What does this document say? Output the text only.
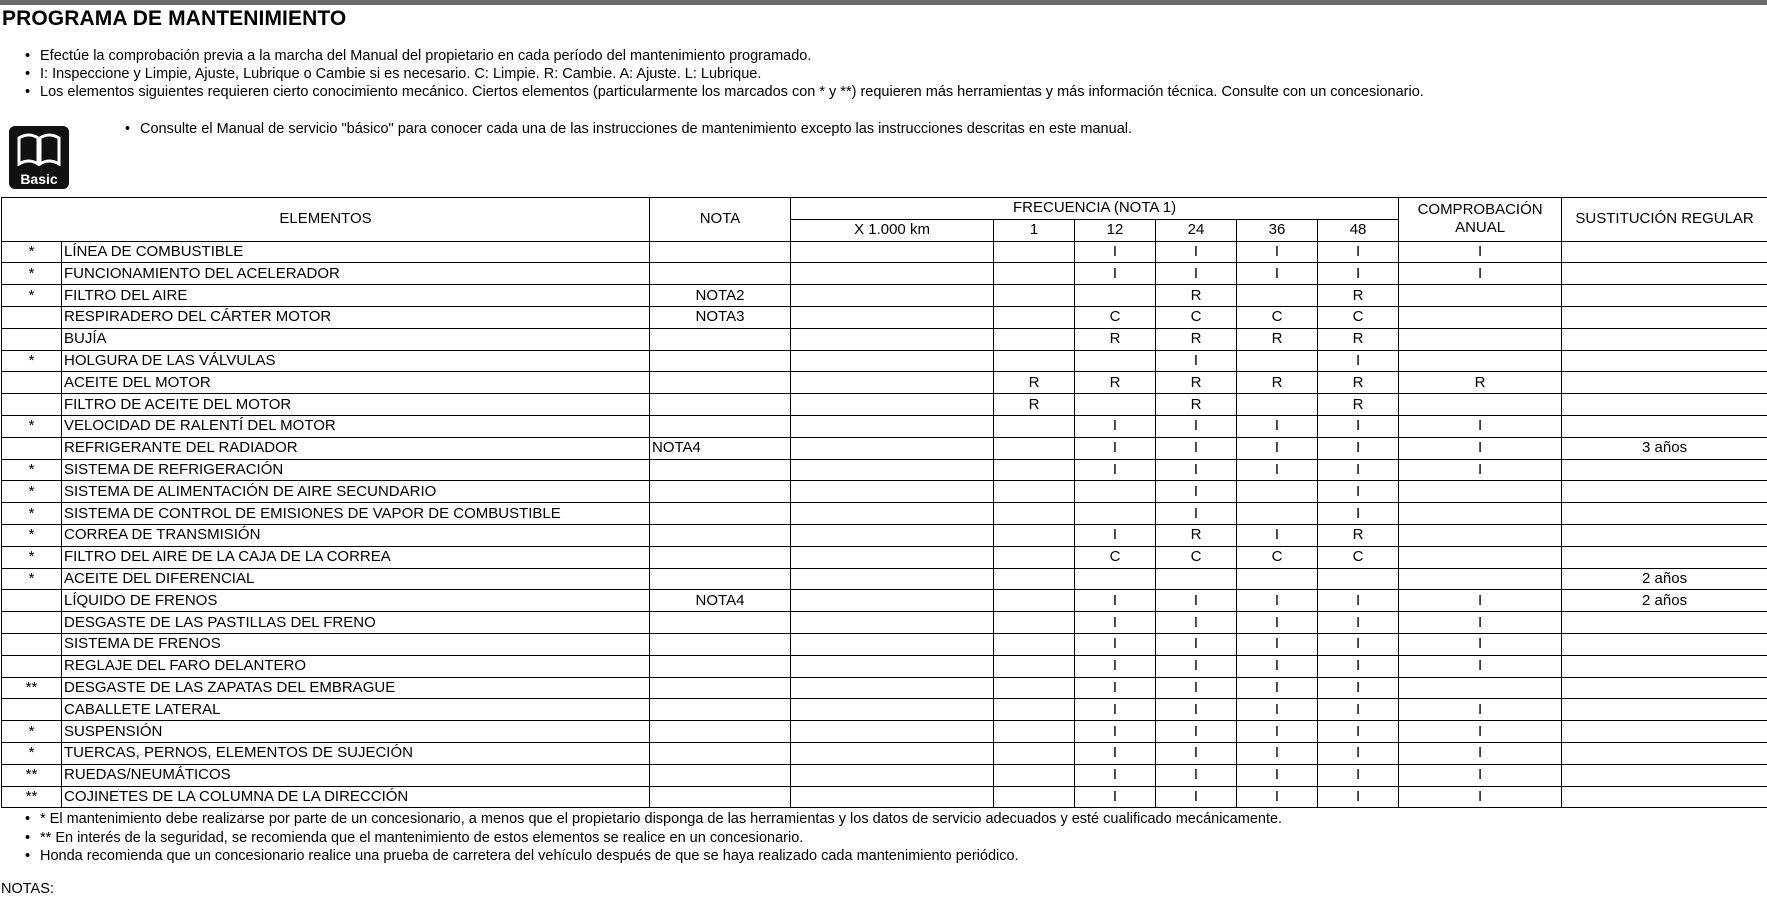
PROGRAMA DE MANTENIMIENTO
• Efectúe la comprobación previa a la marcha del Manual del propietario en cada período del mantenimiento programado.
• I: Inspeccione y Limpie, Ajuste, Lubrique o Cambie si es necesario. C: Limpie. R: Cambie. A: Ajuste. L: Lubrique.
• Los elementos siguientes requieren cierto conocimiento mecánico. Ciertos elementos (particularmente los marcados con * y **) requieren más herramientas y más información técnica. Consulte con un concesionario.
Basic
• Consulte el Manual de servicio "básico" para conocer cada una de las instrucciones de mantenimiento excepto las instrucciones descritas en este manual.
ELEMENTOS		NOTA	FRECUENCIA (NOTA 1)						COMPROBACIÓN ANUAL	SUSTITUCIÓN REGULAR
			X 1.000 km	1	12	24	36	48		
*	LÍNEA DE COMBUSTIBLE				I	I	I	I	I	
*	FUNCIONAMIENTO DEL ACELERADOR				I	I	I	I	I	
*	FILTRO DEL AIRE	NOTA2				R		R		
	RESPIRADERO DEL CÁRTER MOTOR	NOTA3			C	C	C	C		
	BUJÍA				R	R	R	R		
*	HOLGURA DE LAS VÁLVULAS					I		I		
	ACEITE DEL MOTOR			R	R	R	R	R	R	
	FILTRO DE ACEITE DEL MOTOR			R		R		R		
*	VELOCIDAD DE RALENTÍ DEL MOTOR				I	I	I	I	I	
	REFRIGERANTE DEL RADIADOR	NOTA4			I	I	I	I	I	3 años
*	SISTEMA DE REFRIGERACIÓN				I	I	I	I	I	
*	SISTEMA DE ALIMENTACIÓN DE AIRE SECUNDARIO					I		I		
*	SISTEMA DE CONTROL DE EMISIONES DE VAPOR DE COMBUSTIBLE					I		I		
*	CORREA DE TRANSMISIÓN				I	R	I	R		
*	FILTRO DEL AIRE DE LA CAJA DE LA CORREA				C	C	C	C		
*	ACEITE DEL DIFERENCIAL									2 años
	LÍQUIDO DE FRENOS	NOTA4			I	I	I	I	I	2 años
	DESGASTE DE LAS PASTILLAS DEL FRENO				I	I	I	I	I	
	SISTEMA DE FRENOS				I	I	I	I	I	
	REGLAJE DEL FARO DELANTERO				I	I	I	I	I	
**	DESGASTE DE LAS ZAPATAS DEL EMBRAGUE				I	I	I	I		
	CABALLETE LATERAL				I	I	I	I	I	
*	SUSPENSIÓN				I	I	I	I	I	
*	TUERCAS, PERNOS, ELEMENTOS DE SUJECIÓN				I	I	I	I	I	
**	RUEDAS/NEUMÁTICOS				I	I	I	I	I	
**	COJINETES DE LA COLUMNA DE LA DIRECCIÓN				I	I	I	I	I	
• * El mantenimiento debe realizarse por parte de un concesionario, a menos que el propietario disponga de las herramientas y los datos de servicio adecuados y esté cualificado mecánicamente.
• ** En interés de la seguridad, se recomienda que el mantenimiento de estos elementos se realice en un concesionario.
• Honda recomienda que un concesionario realice una prueba de carretera del vehículo después de que se haya realizado cada mantenimiento periódico.
NOTAS:
